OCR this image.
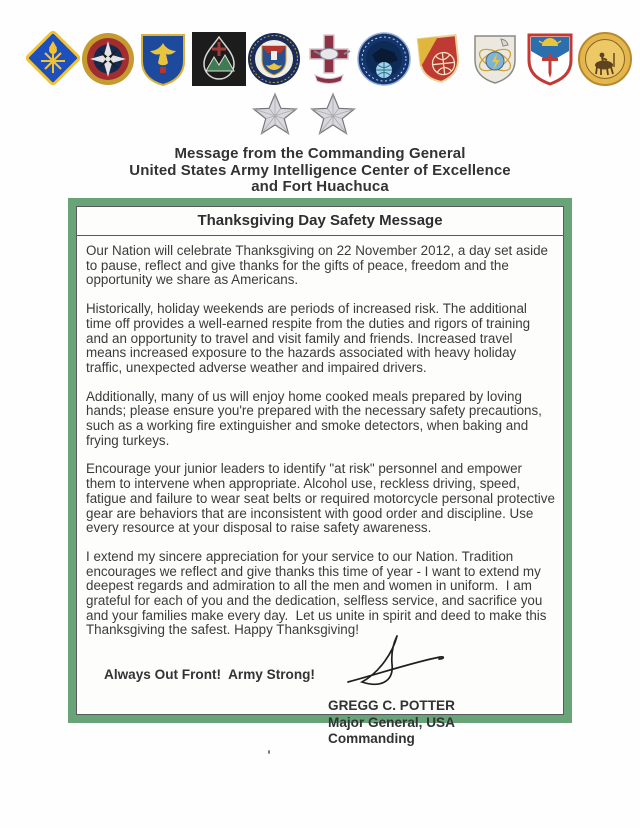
Message from the Commanding General
United States Army Intelligence Center of Excellence
and Fort Huachuca
Thanksgiving Day Safety Message

Our Nation will celebrate Thanksgiving on 22 November 2012, a day set aside to pause, reflect and give thanks for the gifts of peace, freedom and the opportunity we share as Americans.

Historically, holiday weekends are periods of increased risk. The additional time off provides a well-earned respite from the duties and rigors of training and an opportunity to travel and visit family and friends. Increased travel means increased exposure to the hazards associated with heavy holiday traffic, unexpected adverse weather and impaired drivers.

Additionally, many of us will enjoy home cooked meals prepared by loving hands; please ensure you're prepared with the necessary safety precautions, such as a working fire extinguisher and smoke detectors, when baking and frying turkeys.

Encourage your junior leaders to identify "at risk" personnel and empower them to intervene when appropriate. Alcohol use, reckless driving, speed, fatigue and failure to wear seat belts or required motorcycle personal protective gear are behaviors that are inconsistent with good order and discipline. Use every resource at your disposal to raise safety awareness.

I extend my sincere appreciation for your service to our Nation. Tradition encourages we reflect and give thanks this time of year - I want to extend my deepest regards and admiration to all the men and women in uniform.  I am grateful for each of you and the dedication, selfless service, and sacrifice you and your families make every day.  Let us unite in spirit and deed to make this Thanksgiving the safest. Happy Thanksgiving!

Always Out Front!  Army Strong!
GREGG C. POTTER
Major General, USA
Commanding
